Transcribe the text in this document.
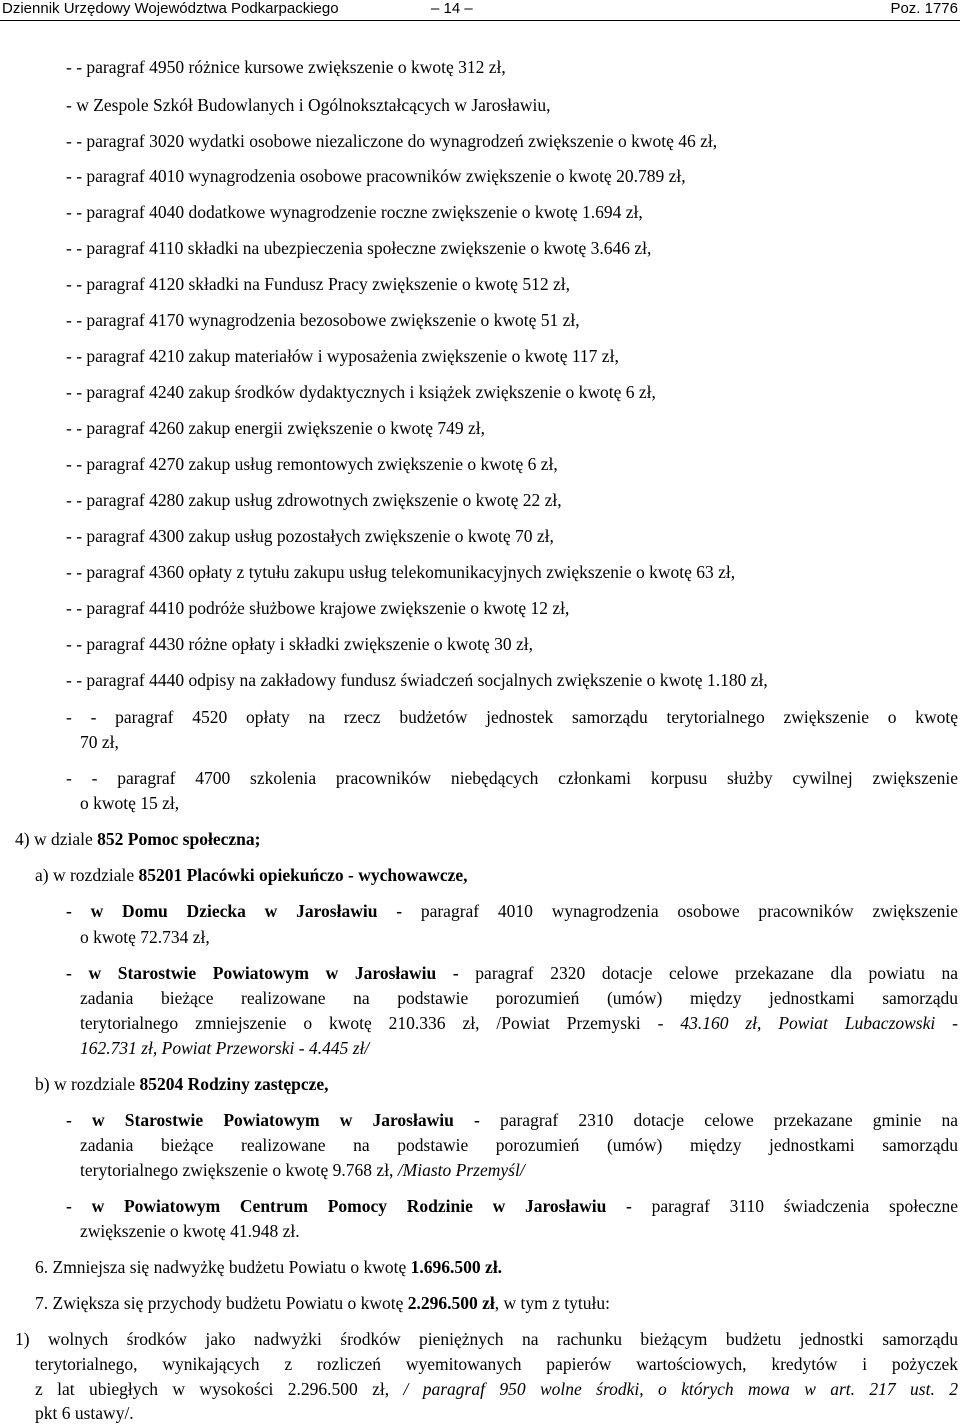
Dziennik Urzędowy Województwa Podkarpackiego	– 14 –	Poz. 1776
- - paragraf 4950 różnice kursowe zwiększenie o kwotę 312 zł,
- w Zespole Szkół Budowlanych i Ogólnokształcących w Jarosławiu,
- - paragraf 3020 wydatki osobowe niezaliczone do wynagrodzeń zwiększenie o kwotę 46 zł,
- - paragraf 4010 wynagrodzenia osobowe pracowników zwiększenie o kwotę 20.789 zł,
- - paragraf 4040 dodatkowe wynagrodzenie roczne zwiększenie o kwotę 1.694 zł,
- - paragraf 4110 składki na ubezpieczenia społeczne zwiększenie o kwotę 3.646 zł,
- - paragraf 4120 składki na Fundusz Pracy zwiększenie o kwotę 512 zł,
- - paragraf 4170 wynagrodzenia bezosobowe zwiększenie o kwotę 51 zł,
- - paragraf 4210 zakup materiałów i wyposażenia zwiększenie o kwotę 117 zł,
- - paragraf 4240 zakup środków dydaktycznych i książek zwiększenie o kwotę 6 zł,
- - paragraf 4260 zakup energii zwiększenie o kwotę 749 zł,
- - paragraf 4270 zakup usług remontowych zwiększenie o kwotę 6 zł,
- - paragraf 4280 zakup usług zdrowotnych zwiększenie o kwotę 22 zł,
- - paragraf 4300 zakup usług pozostałych zwiększenie o kwotę 70 zł,
- - paragraf 4360 opłaty z tytułu zakupu usług telekomunikacyjnych zwiększenie o kwotę 63 zł,
- - paragraf 4410 podróże służbowe krajowe zwiększenie o kwotę 12 zł,
- - paragraf 4430 różne opłaty i składki zwiększenie o kwotę 30 zł,
- - paragraf 4440 odpisy na zakładowy fundusz świadczeń socjalnych zwiększenie o kwotę 1.180 zł,
- - paragraf 4520 opłaty na rzecz budżetów jednostek samorządu terytorialnego zwiększenie o kwotę
70 zł,
- - paragraf 4700 szkolenia pracowników niebędących członkami korpusu służby cywilnej zwiększenie
o kwotę 15 zł,
4) w dziale 852 Pomoc społeczna;
a) w rozdziale 85201 Placówki opiekuńczo - wychowawcze,
- w Domu Dziecka w Jarosławiu - paragraf 4010 wynagrodzenia osobowe pracowników zwiększenie
o kwotę 72.734 zł,
- w Starostwie Powiatowym w Jarosławiu - paragraf 2320 dotacje celowe przekazane dla powiatu na
zadania bieżące realizowane na podstawie porozumień (umów) między jednostkami samorządu
terytorialnego zmniejszenie o kwotę 210.336 zł, /Powiat Przemyski - 43.160 zł, Powiat Lubaczowski -
162.731 zł, Powiat Przeworski - 4.445 zł/
b) w rozdziale 85204 Rodziny zastępcze,
- w Starostwie Powiatowym w Jarosławiu - paragraf 2310 dotacje celowe przekazane gminie na
zadania bieżące realizowane na podstawie porozumień (umów) między jednostkami samorządu
terytorialnego zwiększenie o kwotę 9.768 zł, /Miasto Przemyśl/
- w Powiatowym Centrum Pomocy Rodzinie w Jarosławiu - paragraf 3110 świadczenia społeczne
zwiększenie o kwotę 41.948 zł.
6. Zmniejsza się nadwyżkę budżetu Powiatu o kwotę 1.696.500 zł.
7. Zwiększa się przychody budżetu Powiatu o kwotę 2.296.500 zł, w tym z tytułu:
1) wolnych środków jako nadwyżki środków pieniężnych na rachunku bieżącym budżetu jednostki samorządu
terytorialnego, wynikających z rozliczeń wyemitowanych papierów wartościowych, kredytów i pożyczek
z lat ubiegłych w wysokości 2.296.500 zł, / paragraf 950 wolne środki, o których mowa w art. 217 ust. 2
pkt 6 ustawy/.
